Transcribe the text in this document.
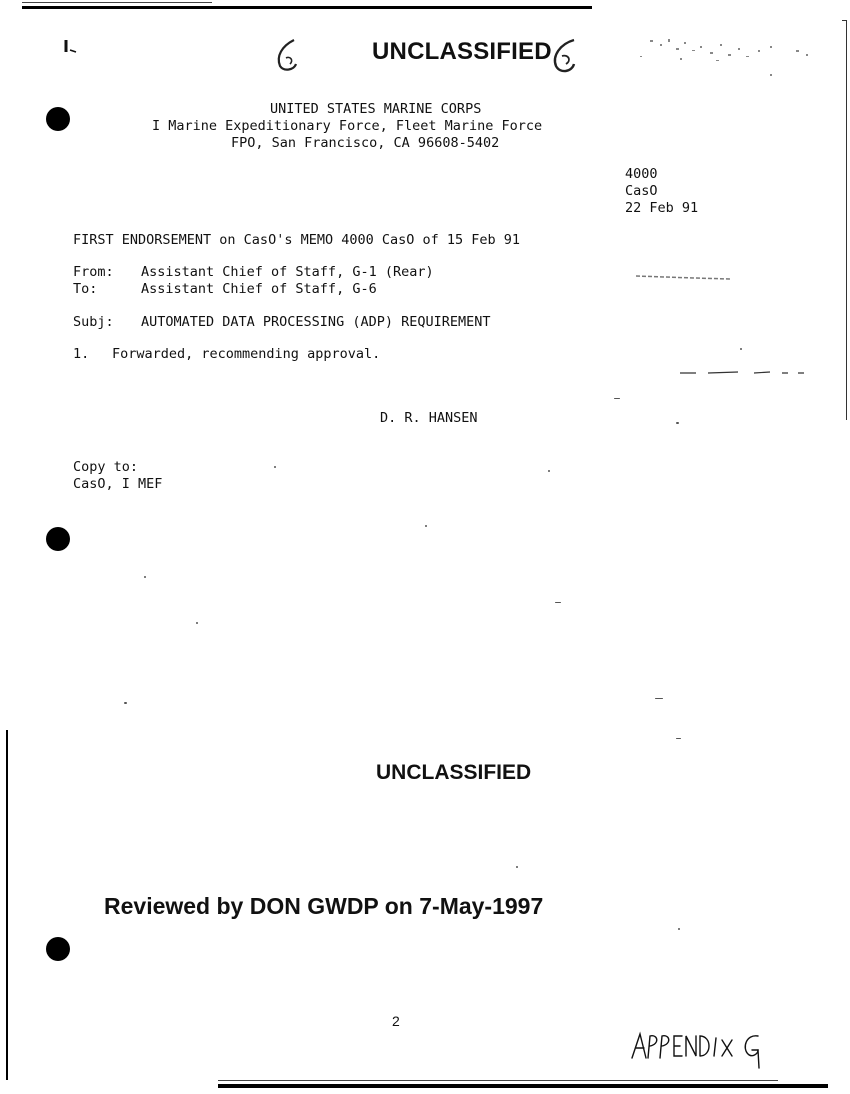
UNCLASSIFIED
UNITED STATES MARINE CORPS
I Marine Expeditionary Force, Fleet Marine Force
FPO, San Francisco, CA 96608-5402
4000
CasO
22 Feb 91
FIRST ENDORSEMENT on CasO's MEMO 4000 CasO of 15 Feb 91
From: Assistant Chief of Staff, G-1 (Rear)
To:	Assistant Chief of Staff, G-6
Subj: AUTOMATED DATA PROCESSING (ADP) REQUIREMENT
1. Forwarded, recommending approval.
D. R. HANSEN
Copy to:
CasO, I MEF
UNCLASSIFIED
Reviewed by DON GWDP on 7-May-1997
2
